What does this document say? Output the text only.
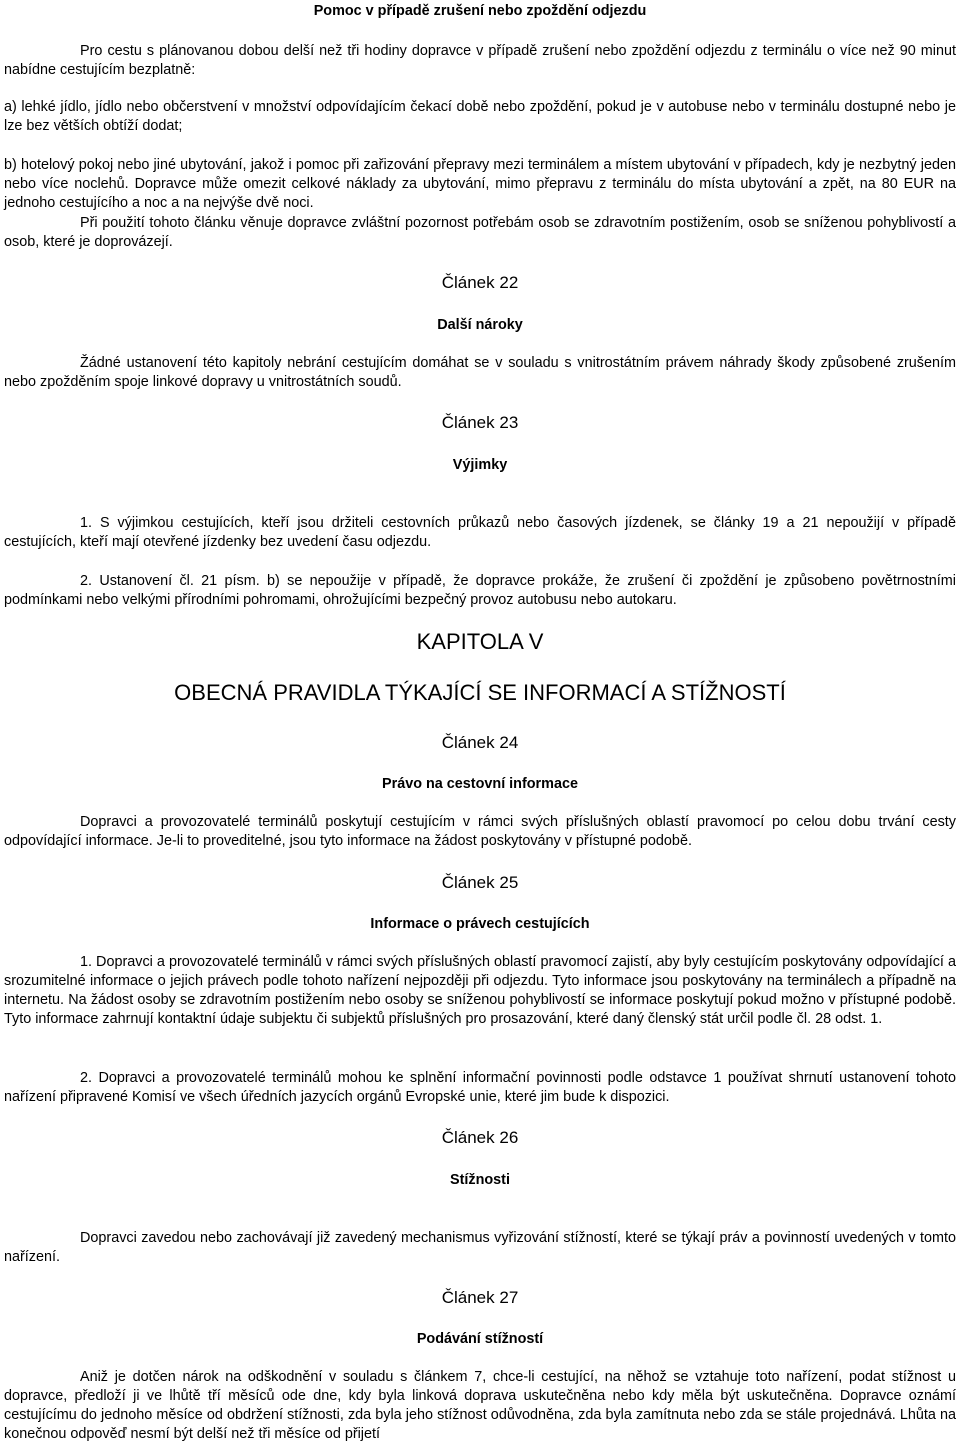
Pomoc v případě zrušení nebo zpoždění odjezdu

Pro cestu s plánovanou dobou delší než tři hodiny dopravce v případě zrušení nebo zpoždění odjezdu z terminálu o více než 90 minut nabídne cestujícím bezplatně:

a) lehké jídlo, jídlo nebo občerstvení v množství odpovídajícím čekací době nebo zpoždění, pokud je v autobuse nebo v terminálu dostupné nebo je lze bez větších obtíží dodat;

b) hotelový pokoj nebo jiné ubytování, jakož i pomoc při zařizování přepravy mezi terminálem a místem ubytování v případech, kdy je nezbytný jeden nebo více noclehů. Dopravce může omezit celkové náklady za ubytování, mimo přepravu z terminálu do místa ubytování a zpět, na 80 EUR na jednoho cestujícího a noc a na nejvýše dvě noci.

Při použití tohoto článku věnuje dopravce zvláštní pozornost potřebám osob se zdravotním postižením, osob se sníženou pohyblivostí a osob, které je doprovázejí.

Článek 22
Další nároky

Žádné ustanovení této kapitoly nebrání cestujícím domáhat se v souladu s vnitrostátním právem náhrady škody způsobené zrušením nebo zpožděním spoje linkové dopravy u vnitrostátních soudů.

Článek 23
Výjimky

1. S výjimkou cestujících, kteří jsou držiteli cestovních průkazů nebo časových jízdenek, se články 19 a 21 nepoužijí v případě cestujících, kteří mají otevřené jízdenky bez uvedení času odjezdu.

2. Ustanovení čl. 21 písm. b) se nepoužije v případě, že dopravce prokáže, že zrušení či zpoždění je způsobeno povětrnostními podmínkami nebo velkými přírodními pohromami, ohrožujícími bezpečný provoz autobusu nebo autokaru.

KAPITOLA V
OBECNÁ PRAVIDLA TÝKAJÍCÍ SE INFORMACÍ A STÍŽNOSTÍ
Článek 24
Právo na cestovní informace

Dopravci a provozovatelé terminálů poskytují cestujícím v rámci svých příslušných oblastí pravomocí po celou dobu trvání cesty odpovídající informace. Je-li to proveditelné, jsou tyto informace na žádost poskytovány v přístupné podobě.

Článek 25
Informace o právech cestujících

1. Dopravci a provozovatelé terminálů v rámci svých příslušných oblastí pravomocí zajistí, aby byly cestujícím poskytovány odpovídající a srozumitelné informace o jejich právech podle tohoto nařízení nejpozději při odjezdu. Tyto informace jsou poskytovány na terminálech a případně na internetu. Na žádost osoby se zdravotním postižením nebo osoby se sníženou pohyblivostí se informace poskytují pokud možno v přístupné podobě. Tyto informace zahrnují kontaktní údaje subjektu či subjektů příslušných pro prosazování, které daný členský stát určil podle čl. 28 odst. 1.

2. Dopravci a provozovatelé terminálů mohou ke splnění informační povinnosti podle odstavce 1 používat shrnutí ustanovení tohoto nařízení připravené Komisí ve všech úředních jazycích orgánů Evropské unie, které jim bude k dispozici.

Článek 26
Stížnosti

Dopravci zavedou nebo zachovávají již zavedený mechanismus vyřizování stížností, které se týkají práv a povinností uvedených v tomto nařízení.

Článek 27
Podávání stížností

Aniž je dotčen nárok na odškodnění v souladu s článkem 7, chce-li cestující, na něhož se vztahuje toto nařízení, podat stížnost u dopravce, předloží ji ve lhůtě tří měsíců ode dne, kdy byla linková doprava uskutečněna nebo kdy měla být uskutečněna. Dopravce oznámí cestujícímu do jednoho měsíce od obdržení stížnosti, zda byla jeho stížnost odůvodněna, zda byla zamítnuta nebo zda se stále projednává. Lhůta na konečnou odpověď nesmí být delší než tři měsíce od přijetí
